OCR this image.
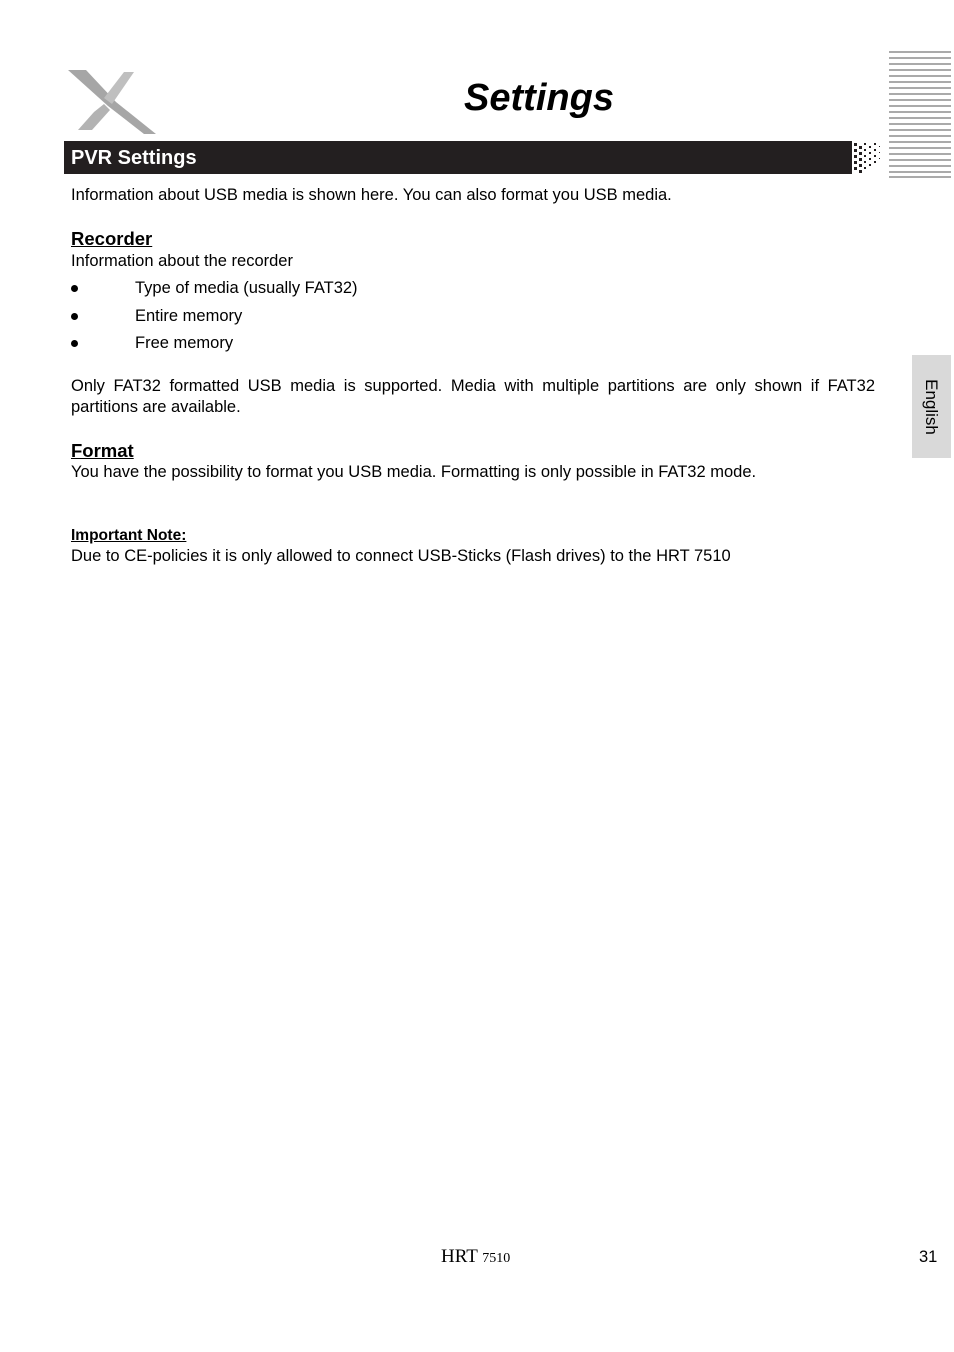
Settings
PVR Settings
English
Information about USB media is shown here. You can also format you USB media.
Recorder
Information about the recorder
Type of media (usually FAT32)
Entire memory
Free memory
Only FAT32 formatted USB media is supported. Media with multiple partitions are only shown if FAT32 partitions are available.
Format
You have the possibility to format you USB media. Formatting is only possible in FAT32 mode.
Important Note:
Due to CE-policies it is only allowed to connect USB-Sticks (Flash drives) to the HRT 7510
HRT 7510	31
